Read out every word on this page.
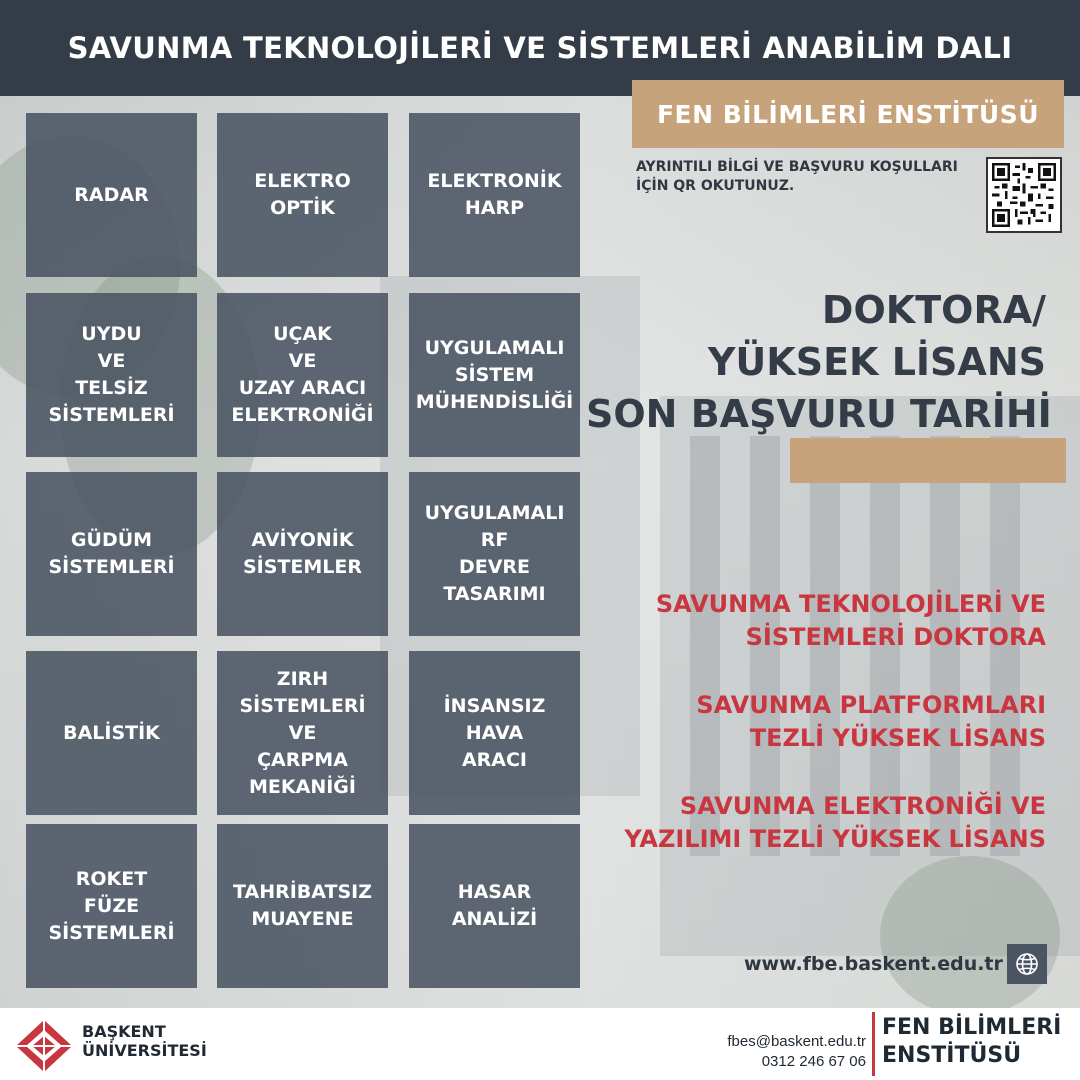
SAVUNMA TEKNOLOJİLERİ VE SİSTEMLERİ ANABİLİM DALI
RADAR
ELEKTRO
OPTİK
ELEKTRONİK
HARP
UYDU
VE
TELSİZ
SİSTEMLERİ
UÇAK
VE
UZAY ARACI
ELEKTRONİĞİ
UYGULAMALI
SİSTEM
MÜHENDİSLİĞİ
GÜDÜM
SİSTEMLERİ
AVİYONİK
SİSTEMLER
UYGULAMALI
RF
DEVRE
TASARIMI
BALİSTİK
ZIRH
SİSTEMLERİ
VE
ÇARPMA
MEKANİĞİ
İNSANSIZ
HAVA
ARACI
ROKET
FÜZE
SİSTEMLERİ
TAHRİBATSIZ
MUAYENE
HASAR
ANALİZİ
FEN BİLİMLERİ ENSTİTÜSÜ
AYRINTILI BİLGİ VE BAŞVURU KOŞULLARI
İÇİN QR OKUTUNUZ.
DOKTORA/
YÜKSEK LİSANS
SON BAŞVURU TARİHİ
SAVUNMA TEKNOLOJİLERİ VE
SİSTEMLERİ DOKTORA
SAVUNMA PLATFORMLARI
TEZLİ YÜKSEK LİSANS
SAVUNMA ELEKTRONİĞİ VE
YAZILIMI TEZLİ YÜKSEK LİSANS
www.fbe.baskent.edu.tr
BAŞKENT
ÜNİVERSİTESİ	fbes@baskent.edu.tr
0312 246 67 06
FEN BİLİMLERİ
ENSTİTÜSÜ
